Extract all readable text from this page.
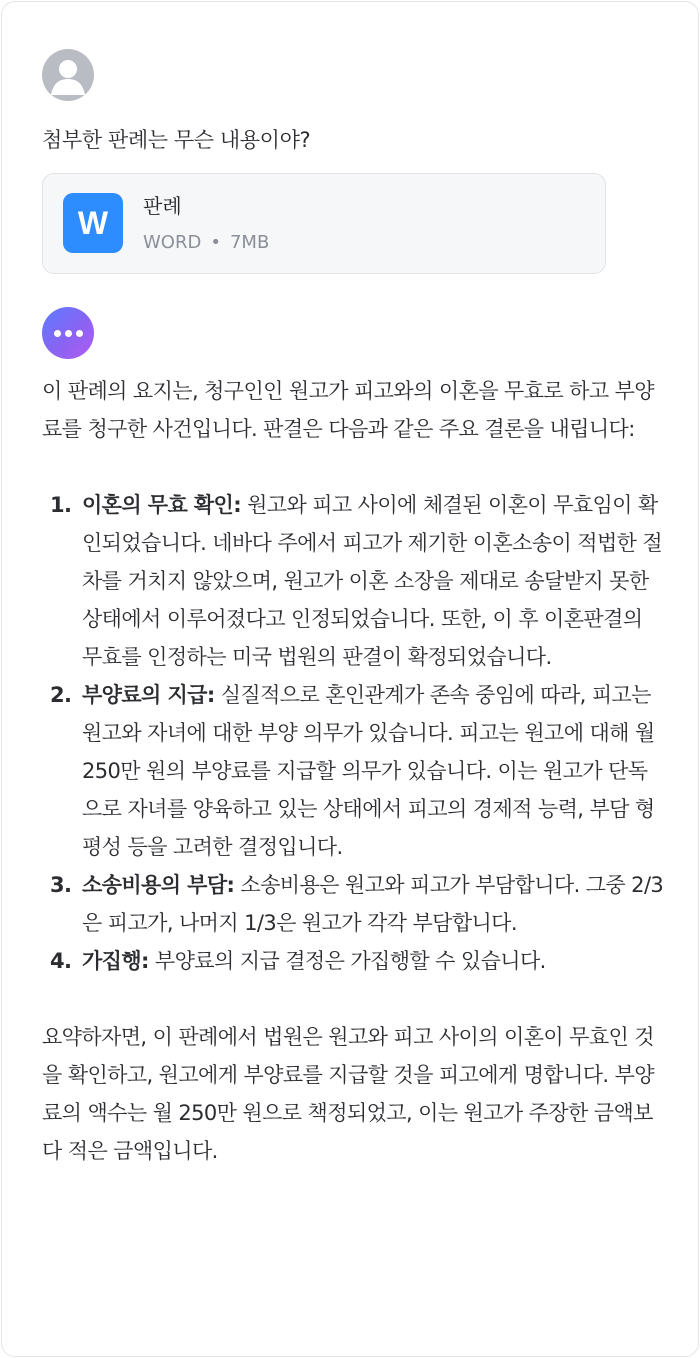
첨부한 판례는 무슨 내용이야?
W	판례
WORD • 7MB

이 판례의 요지는, 청구인인 원고가 피고와의 이혼을 무효로 하고 부양료를 청구한 사건입니다. 판결은 다음과 같은 주요 결론을 내립니다:

1. 이혼의 무효 확인: 원고와 피고 사이에 체결된 이혼이 무효임이 확인되었습니다. 네바다 주에서 피고가 제기한 이혼소송이 적법한 절차를 거치지 않았으며, 원고가 이혼 소장을 제대로 송달받지 못한 상태에서 이루어졌다고 인정되었습니다. 또한, 이 후 이혼판결의 무효를 인정하는 미국 법원의 판결이 확정되었습니다.
2. 부양료의 지급: 실질적으로 혼인관계가 존속 중임에 따라, 피고는 원고와 자녀에 대한 부양 의무가 있습니다. 피고는 원고에 대해 월 250만 원의 부양료를 지급할 의무가 있습니다. 이는 원고가 단독으로 자녀를 양육하고 있는 상태에서 피고의 경제적 능력, 부담 형평성 등을 고려한 결정입니다.
3. 소송비용의 부담: 소송비용은 원고와 피고가 부담합니다. 그중 2/3은 피고가, 나머지 1/3은 원고가 각각 부담합니다.
4. 가집행: 부양료의 지급 결정은 가집행할 수 있습니다.

요약하자면, 이 판례에서 법원은 원고와 피고 사이의 이혼이 무효인 것을 확인하고, 원고에게 부양료를 지급할 것을 피고에게 명합니다. 부양료의 액수는 월 250만 원으로 책정되었고, 이는 원고가 주장한 금액보다 적은 금액입니다.
